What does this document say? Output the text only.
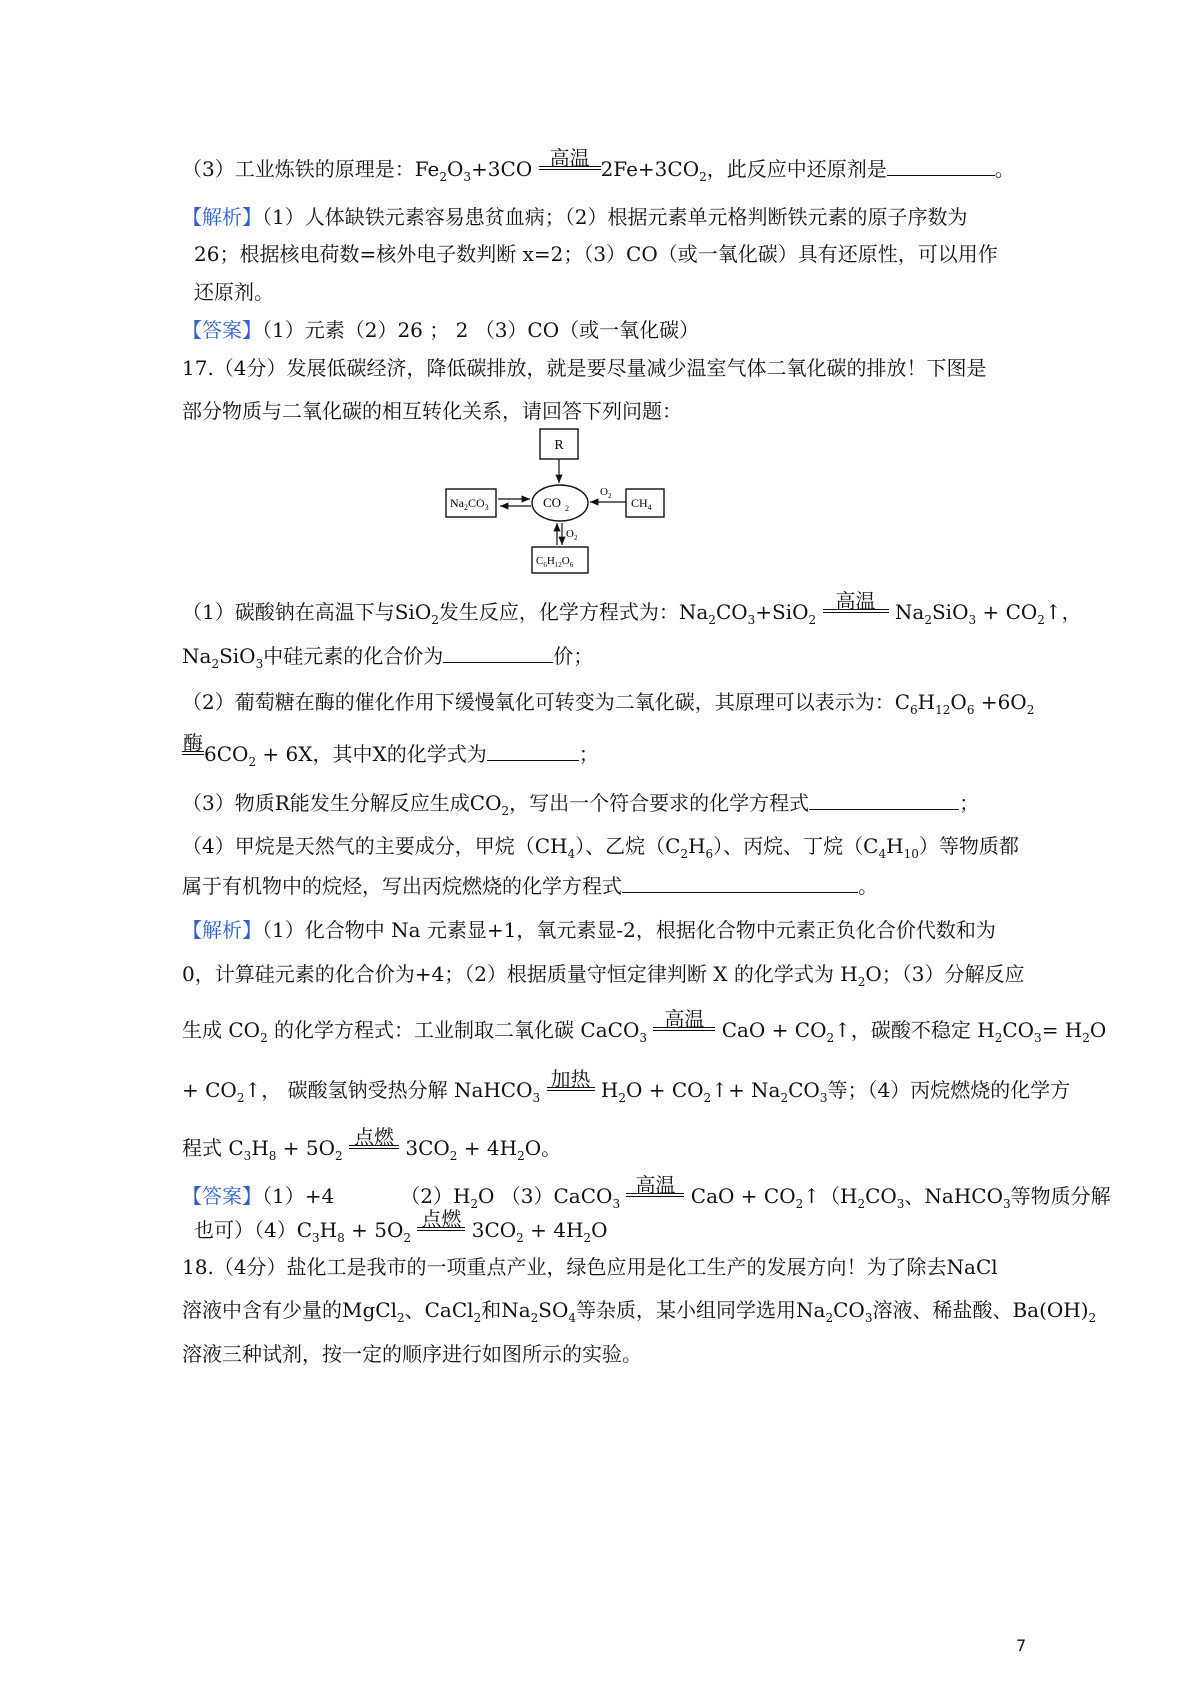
（3）工业炼铁的原理是：$Fe_2O_3+3CO$ 高温 $2Fe+3CO_2$，此反应中还原剂是	。
【解析】（1）人体缺铁元素容易患贫血病；（2）根据元素单元格判断铁元素的原子序数为
26；根据核电荷数=核外电子数判断 x=2；（3）CO（或一氧化碳）具有还原性，可以用作
还原剂。
【答案】（1）元素（2）26 ； 2 （3）CO（或一氧化碳）
17.（4分）发展低碳经济，降低碳排放，就是要尽量减少温室气体二氧化碳的排放！下图是
部分物质与二氧化碳的相互转化关系，请回答下列问题：
R
CO 2
$Na_2CO_3$	$CH_4$
$O_2$
$O_2$
$C_6H_{12}O_6$
（1）碳酸钠在高温下与SiO$_2$发生反应，化学方程式为：$Na_2CO_3+SiO_2$
高温 $Na_2SiO_3$ + $CO_2↑$，
$Na_2SiO_3$中硅元素的化合价为	价；
（2）葡萄糖在酶的催化作用下缓慢氧化可转变为二氧化碳，其原理可以表示为：$C_6H_{12}O_6 +6O_2$
酶 $6CO_2 + 6X$，其中X的化学式为	；
（3）物质R能发生分解反应生成$CO_2$，写出一个符合要求的化学方程式	；
（4）甲烷是天然气的主要成分，甲烷$(CH_4)$、乙烷$(C_2H_6)$、丙烷、丁烷$(C_4H_{10})$等物质都
属于有机物中的烷烃，写出丙烷燃烧的化学方程式	。
【解析】（1）化合物中 Na 元素显+1，氧元素显-2，根据化合物中元素正负化合价代数和为
0，计算硅元素的化合价为+4；（2）根据质量守恒定律判断 X 的化学式为 $H_2O$；（3）分解反应
生成 $CO_2$ 的化学方程式：工业制取二氧化碳 CaCO$_3$
高温 CaO + $CO_2↑$，碳酸不稳定 $H_2CO_3= H_2O$
+ $CO_2↑$， 碳酸氢钠受热分解 NaHCO$_3$
加热 $H_2O$ + $CO_2↑+ Na_2CO_3$等；（4）丙烷燃烧的化学方
程式 $C_3H_8 + 5O_2$
点燃 $3CO_2 + 4H_2O$。
【答案】（1）+4	$(2)H_2O$ （3）CaCO$_3$
高温 CaO + $CO_2↑(H_2CO_3$、NaHCO$_3$等物质分解
也可）$(4)C_3H_8 + 5O_2$
点燃 $3CO_2 + 4H_2O$
18.（4分）盐化工是我市的一项重点产业，绿色应用是化工生产的发展方向！为了除去NaCl
溶液中含有少量的MgCl$_2$、CaCl$_2$和$Na_2SO_4$等杂质，某小组同学选用$Na_2CO_3$溶液、稀盐酸、$Ba(OH)_2$
溶液三种试剂，按一定的顺序进行如图所示的实验。
7
